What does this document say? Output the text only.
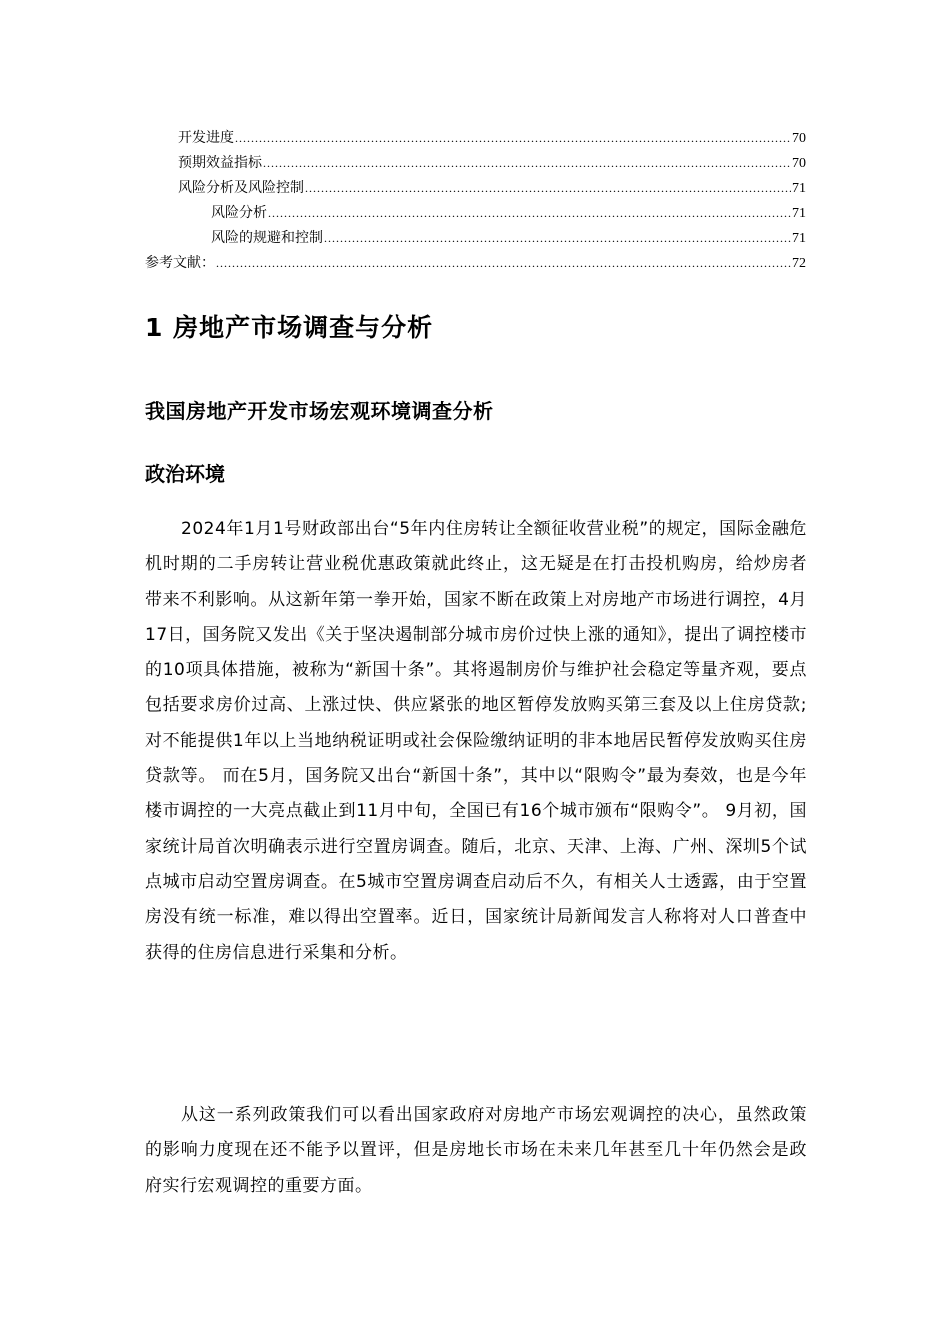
开发进度 .....	70
预期效益指标 .....	70
风险分析及风险控制 .....	71
风险分析 .....	71
风险的规避和控制 .....	71
参考文献： .....	72
1 房地产市场调查与分析
我国房地产开发市场宏观环境调查分析
政治环境

2024年1月1号财政部出台“5年内住房转让全额征收营业税”的规定，国际金融危机时期的二手房转让营业税优惠政策就此终止，这无疑是在打击投机购房，给炒房者带来不利影响。从这新年第一拳开始，国家不断在政策上对房地产市场进行调控，4月17日，国务院又发出《关于坚决遏制部分城市房价过快上涨的通知》，提出了调控楼市的10项具体措施，被称为“新国十条”。其将遏制房价与维护社会稳定等量齐观，要点包括要求房价过高、上涨过快、供应紧张的地区暂停发放购买第三套及以上住房贷款;对不能提供1年以上当地纳税证明或社会保险缴纳证明的非本地居民暂停发放购买住房贷款等。 而在5月，国务院又出台“新国十条”，其中以“限购令”最为奏效，也是今年楼市调控的一大亮点截止到11月中旬，全国已有16个城市颁布“限购令”。 9月初，国家统计局首次明确表示进行空置房调查。随后，北京、天津、上海、广州、深圳5个试点城市启动空置房调查。在5城市空置房调查启动后不久，有相关人士透露，由于空置房没有统一标准，难以得出空置率。近日，国家统计局新闻发言人称将对人口普查中获得的住房信息进行采集和分析。

从这一系列政策我们可以看出国家政府对房地产市场宏观调控的决心，虽然政策的影响力度现在还不能予以置评，但是房地长市场在未来几年甚至几十年仍然会是政府实行宏观调控的重要方面。
